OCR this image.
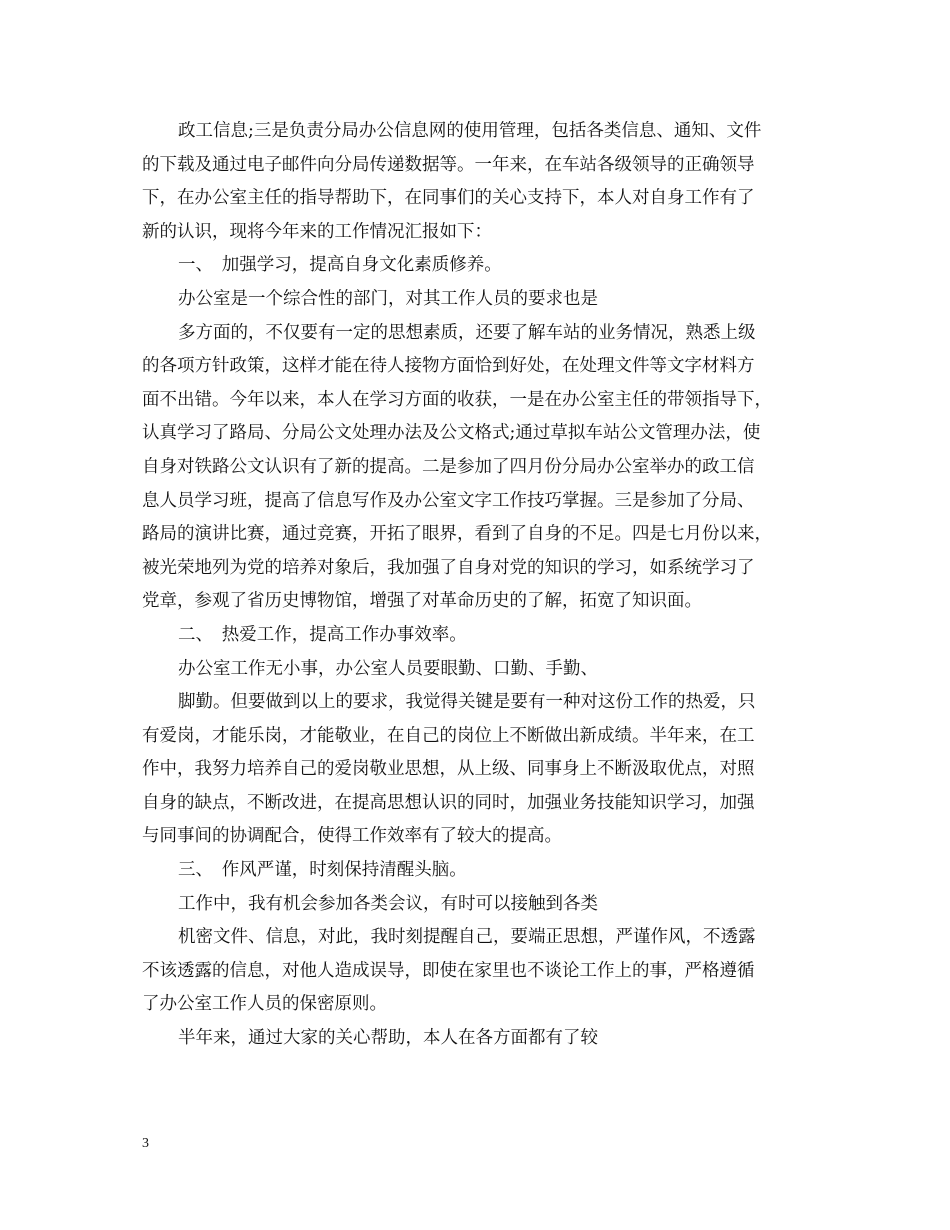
政工信息;三是负责分局办公信息网的使用管理，包括各类信息、通知、文件
的下载及通过电子邮件向分局传递数据等。一年来，在车站各级领导的正确领导
下，在办公室主任的指导帮助下，在同事们的关心支持下，本人对自身工作有了
新的认识，现将今年来的工作情况汇报如下：
一、　加强学习，提高自身文化素质修养。
办公室是一个综合性的部门，对其工作人员的要求也是
多方面的，不仅要有一定的思想素质，还要了解车站的业务情况，熟悉上级
的各项方针政策，这样才能在待人接物方面恰到好处，在处理文件等文字材料方
面不出错。今年以来，本人在学习方面的收获，一是在办公室主任的带领指导下，
认真学习了路局、分局公文处理办法及公文格式;通过草拟车站公文管理办法，使
自身对铁路公文认识有了新的提高。二是参加了四月份分局办公室举办的政工信
息人员学习班，提高了信息写作及办公室文字工作技巧掌握。三是参加了分局、
路局的演讲比赛，通过竞赛，开拓了眼界，看到了自身的不足。四是七月份以来，
被光荣地列为党的培养对象后，我加强了自身对党的知识的学习，如系统学习了
党章，参观了省历史博物馆，增强了对革命历史的了解，拓宽了知识面。
二、　热爱工作，提高工作办事效率。
办公室工作无小事，办公室人员要眼勤、口勤、手勤、
脚勤。但要做到以上的要求，我觉得关键是要有一种对这份工作的热爱，只
有爱岗，才能乐岗，才能敬业，在自己的岗位上不断做出新成绩。半年来，在工
作中，我努力培养自己的爱岗敬业思想，从上级、同事身上不断汲取优点，对照
自身的缺点，不断改进，在提高思想认识的同时，加强业务技能知识学习，加强
与同事间的协调配合，使得工作效率有了较大的提高。
三、　作风严谨，时刻保持清醒头脑。
工作中，我有机会参加各类会议，有时可以接触到各类
机密文件、信息，对此，我时刻提醒自己，要端正思想，严谨作风，不透露
不该透露的信息，对他人造成误导，即使在家里也不谈论工作上的事，严格遵循
了办公室工作人员的保密原则。
半年来，通过大家的关心帮助，本人在各方面都有了较
3
